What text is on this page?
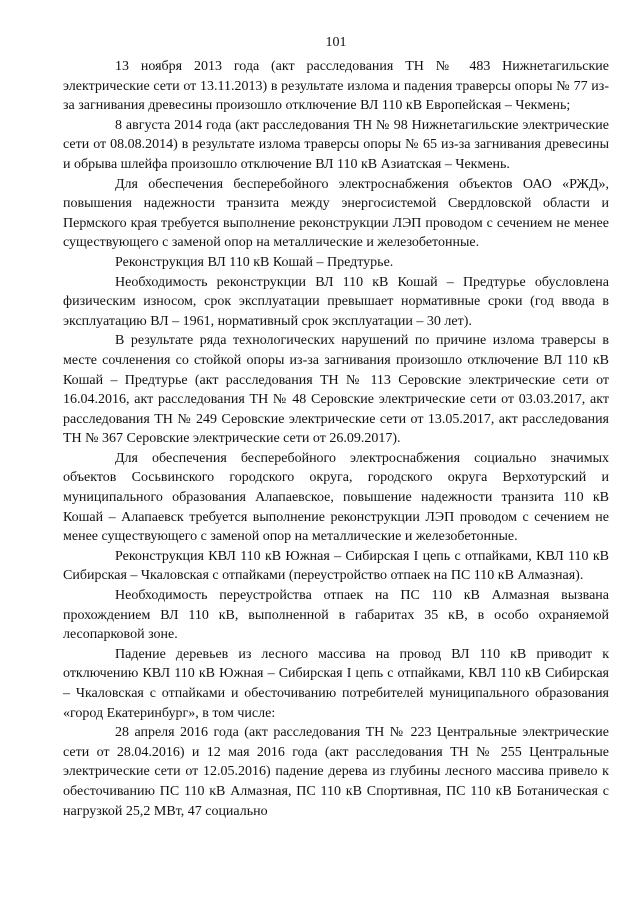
101

13 ноября 2013 года (акт расследования ТН № 483 Нижнетагильские электрические сети от 13.11.2013) в результате излома и падения траверсы опоры № 77 из-за загнивания древесины произошло отключение ВЛ 110 кВ Европейская – Чекмень;

8 августа 2014 года (акт расследования ТН № 98 Нижнетагильские электрические сети от 08.08.2014) в результате излома траверсы опоры № 65 из-за загнивания древесины и обрыва шлейфа произошло отключение ВЛ 110 кВ Азиатская – Чекмень.

Для обеспечения бесперебойного электроснабжения объектов ОАО «РЖД», повышения надежности транзита между энергосистемой Свердловской области и Пермского края требуется выполнение реконструкции ЛЭП проводом с сечением не менее существующего с заменой опор на металлические и железобетонные.

Реконструкция ВЛ 110 кВ Кошай – Предтурье.

Необходимость реконструкции ВЛ 110 кВ Кошай – Предтурье обусловлена физическим износом, срок эксплуатации превышает нормативные сроки (год ввода в эксплуатацию ВЛ – 1961, нормативный срок эксплуатации – 30 лет).

В результате ряда технологических нарушений по причине излома траверсы в месте сочленения со стойкой опоры из-за загнивания произошло отключение ВЛ 110 кВ Кошай – Предтурье (акт расследования ТН № 113 Серовские электрические сети от 16.04.2016, акт расследования ТН № 48 Серовские электрические сети от 03.03.2017, акт расследования ТН № 249 Серовские электрические сети от 13.05.2017, акт расследования ТН № 367 Серовские электрические сети от 26.09.2017).

Для обеспечения бесперебойного электроснабжения социально значимых объектов Сосьвинского городского округа, городского округа Верхотурский и муниципального образования Алапаевское, повышение надежности транзита 110 кВ Кошай – Алапаевск требуется выполнение реконструкции ЛЭП проводом с сечением не менее существующего с заменой опор на металлические и железобетонные.

Реконструкция КВЛ 110 кВ Южная – Сибирская I цепь с отпайками, КВЛ 110 кВ Сибирская – Чкаловская с отпайками (переустройство отпаек на ПС 110 кВ Алмазная).

Необходимость переустройства отпаек на ПС 110 кВ Алмазная вызвана прохождением ВЛ 110 кВ, выполненной в габаритах 35 кВ, в особо охраняемой лесопарковой зоне.

Падение деревьев из лесного массива на провод ВЛ 110 кВ приводит к отключению КВЛ 110 кВ Южная – Сибирская I цепь с отпайками, КВЛ 110 кВ Сибирская – Чкаловская с отпайками и обесточиванию потребителей муниципального образования «город Екатеринбург», в том числе:

28 апреля 2016 года (акт расследования ТН № 223 Центральные электрические сети от 28.04.2016) и 12 мая 2016 года (акт расследования ТН № 255 Центральные электрические сети от 12.05.2016) падение дерева из глубины лесного массива привело к обесточиванию ПС 110 кВ Алмазная, ПС 110 кВ Спортивная, ПС 110 кВ Ботаническая с нагрузкой 25,2 МВт, 47 социально
